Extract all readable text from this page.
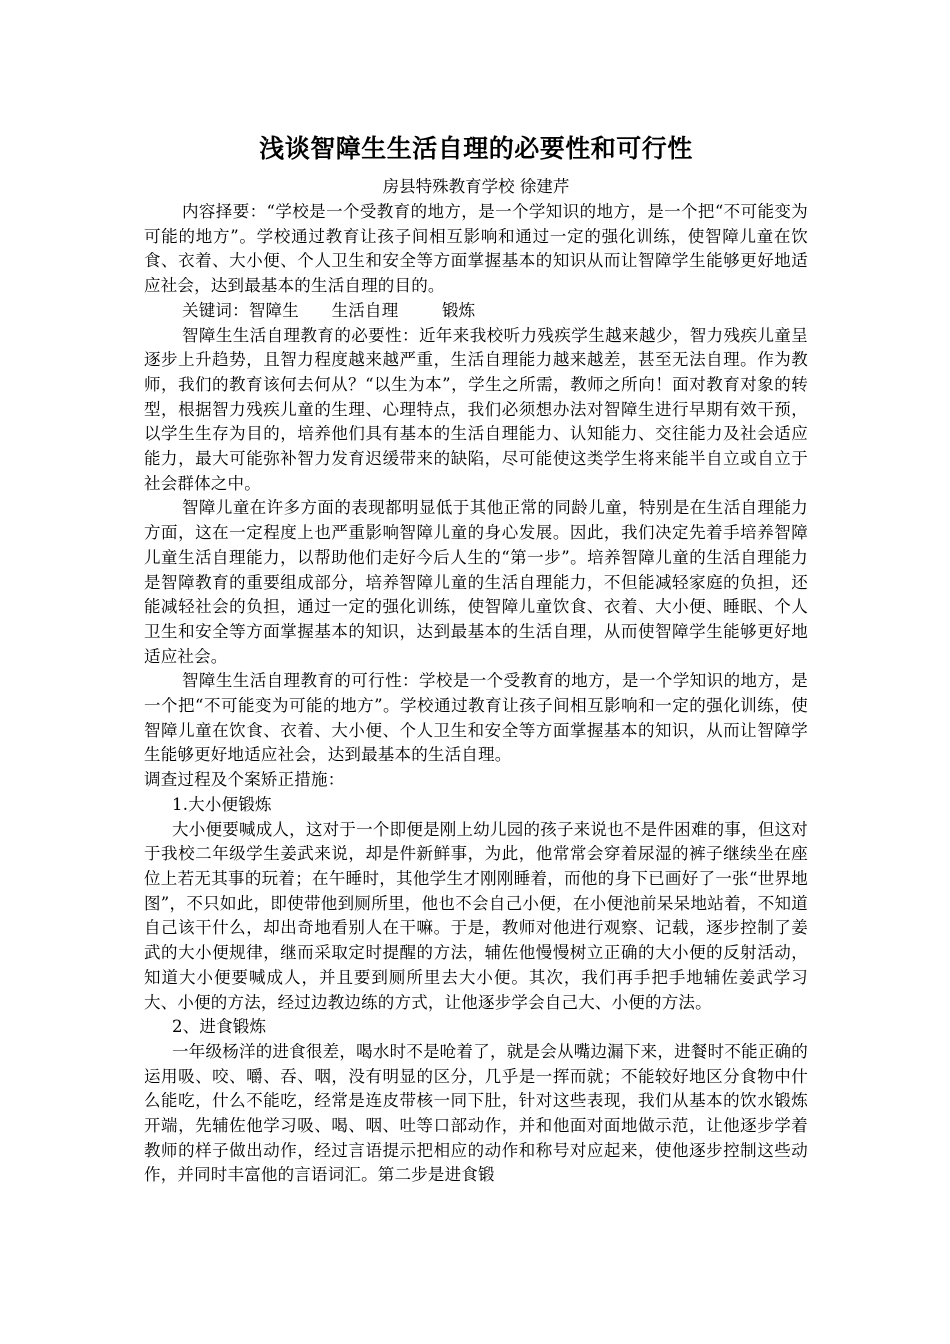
浅谈智障生生活自理的必要性和可行性

房县特殊教育学校 徐建芹

内容择要：“学校是一个受教育的地方，是一个学知识的地方，是一个把“不可能变为可能的地方”。学校通过教育让孩子间相互影响和通过一定的强化训练，使智障儿童在饮食、衣着、大小便、个人卫生和安全等方面掌握基本的知识从而让智障学生能够更好地适应社会，达到最基本的生活自理的目的。

关键词：智障生 生活自理	锻炼

智障生生活自理教育的必要性：近年来我校听力残疾学生越来越少，智力残疾儿童呈逐步上升趋势，且智力程度越来越严重，生活自理能力越来越差，甚至无法自理。作为教师，我们的教育该何去何从？“以生为本”，学生之所需，教师之所向！面对教育对象的转型，根据智力残疾儿童的生理、心理特点，我们必须想办法对智障生进行早期有效干预，以学生生存为目的，培养他们具有基本的生活自理能力、认知能力、交往能力及社会适应能力，最大可能弥补智力发育迟缓带来的缺陷，尽可能使这类学生将来能半自立或自立于社会群体之中。

智障儿童在许多方面的表现都明显低于其他正常的同龄儿童，特别是在生活自理能力方面，这在一定程度上也严重影响智障儿童的身心发展。因此，我们决定先着手培养智障儿童生活自理能力，以帮助他们走好今后人生的“第一步”。培养智障儿童的生活自理能力是智障教育的重要组成部分，培养智障儿童的生活自理能力，不但能减轻家庭的负担，还能减轻社会的负担，通过一定的强化训练，使智障儿童饮食、衣着、大小便、睡眠、个人卫生和安全等方面掌握基本的知识，达到最基本的生活自理，从而使智障学生能够更好地适应社会。

智障生生活自理教育的可行性：学校是一个受教育的地方，是一个学知识的地方，是一个把“不可能变为可能的地方”。学校通过教育让孩子间相互影响和一定的强化训练，使智障儿童在饮食、衣着、大小便、个人卫生和安全等方面掌握基本的知识，从而让智障学生能够更好地适应社会，达到最基本的生活自理。

调查过程及个案矫正措施：

1.大小便锻炼

大小便要喊成人，这对于一个即便是刚上幼儿园的孩子来说也不是件困难的事，但这对于我校二年级学生姜武来说，却是件新鲜事，为此，他常常会穿着尿湿的裤子继续坐在座位上若无其事的玩着；在午睡时，其他学生才刚刚睡着，而他的身下已画好了一张“世界地图”，不只如此，即使带他到厕所里，他也不会自己小便，在小便池前呆呆地站着，不知道自己该干什么，却出奇地看别人在干嘛。于是，教师对他进行观察、记载，逐步控制了姜武的大小便规律，继而采取定时提醒的方法，辅佐他慢慢树立正确的大小便的反射活动，知道大小便要喊成人，并且要到厕所里去大小便。其次，我们再手把手地辅佐姜武学习大、小便的方法，经过边教边练的方式，让他逐步学会自己大、小便的方法。

2、进食锻炼

一年级杨洋的进食很差，喝水时不是呛着了，就是会从嘴边漏下来，进餐时不能正确的运用吸、咬、嚼、吞、咽，没有明显的区分，几乎是一挥而就；不能较好地区分食物中什么能吃，什么不能吃，经常是连皮带核一同下肚，针对这些表现，我们从基本的饮水锻炼开端，先辅佐他学习吸、喝、咽、吐等口部动作，并和他面对面地做示范，让他逐步学着教师的样子做出动作，经过言语提示把相应的动作和称号对应起来，使他逐步控制这些动作，并同时丰富他的言语词汇。第二步是进食锻
